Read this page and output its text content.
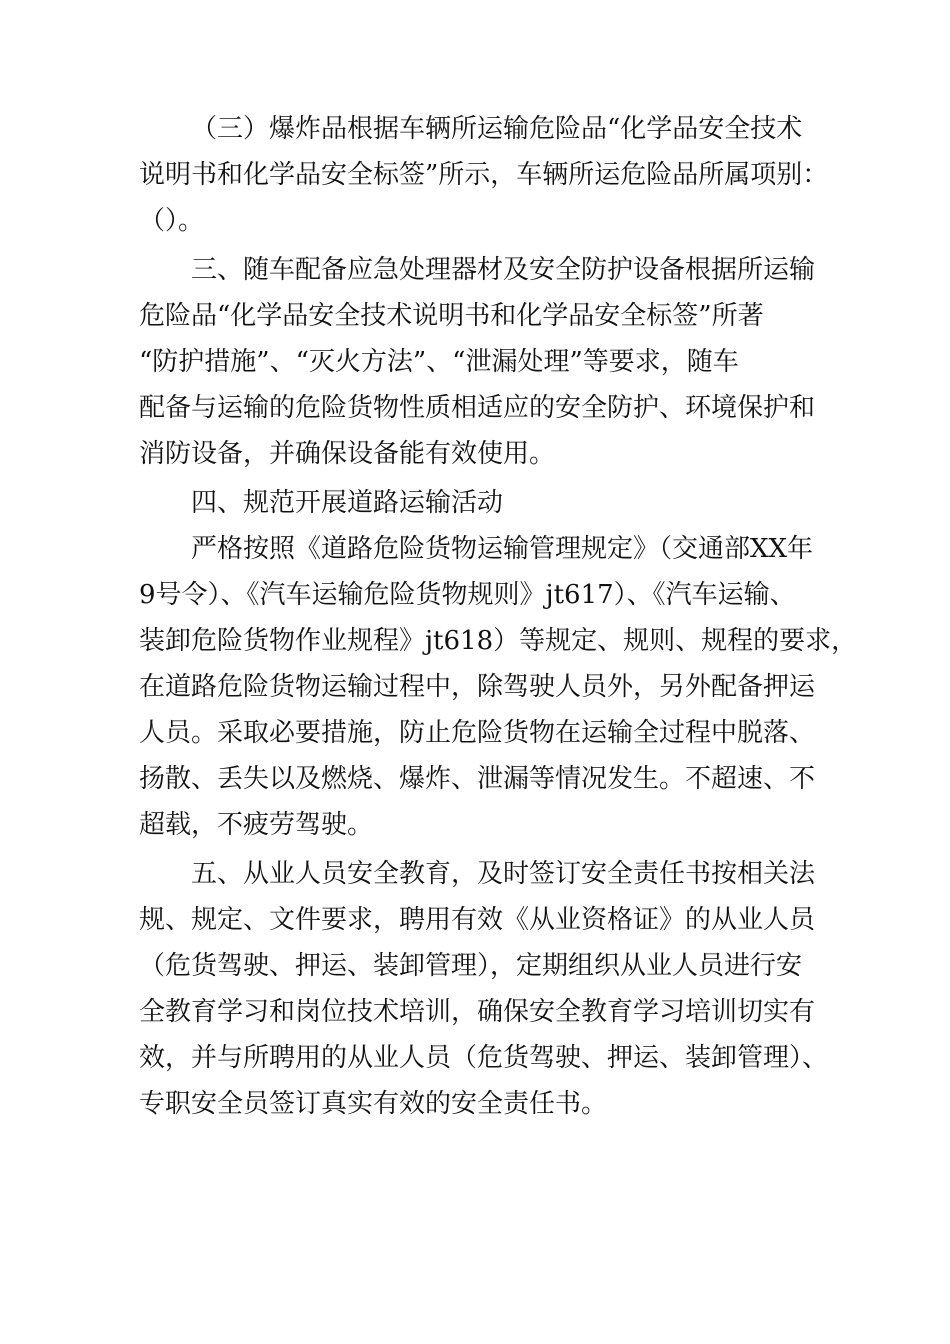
（三）爆炸品根据车辆所运输危险品“化学品安全技术
说明书和化学品安全标签”所示，车辆所运危险品所属项别：
（）。
三、随车配备应急处理器材及安全防护设备根据所运输
危险品“化学品安全技术说明书和化学品安全标签”所著
“防护措施”、“灭火方法”、“泄漏处理”等要求，随车
配备与运输的危险货物性质相适应的安全防护、环境保护和
消防设备，并确保设备能有效使用。
四、规范开展道路运输活动
严格按照《道路危险货物运输管理规定》（交通部XX年
9号令）、《汽车运输危险货物规则》jt617）、《汽车运输、
装卸危险货物作业规程》jt618）等规定、规则、规程的要求，
在道路危险货物运输过程中，除驾驶人员外，另外配备押运
人员。采取必要措施，防止危险货物在运输全过程中脱落、
扬散、丢失以及燃烧、爆炸、泄漏等情况发生。不超速、不
超载，不疲劳驾驶。
五、从业人员安全教育，及时签订安全责任书按相关法
规、规定、文件要求，聘用有效《从业资格证》的从业人员
（危货驾驶、押运、装卸管理），定期组织从业人员进行安
全教育学习和岗位技术培训，确保安全教育学习培训切实有
效，并与所聘用的从业人员（危货驾驶、押运、装卸管理）、
专职安全员签订真实有效的安全责任书。
